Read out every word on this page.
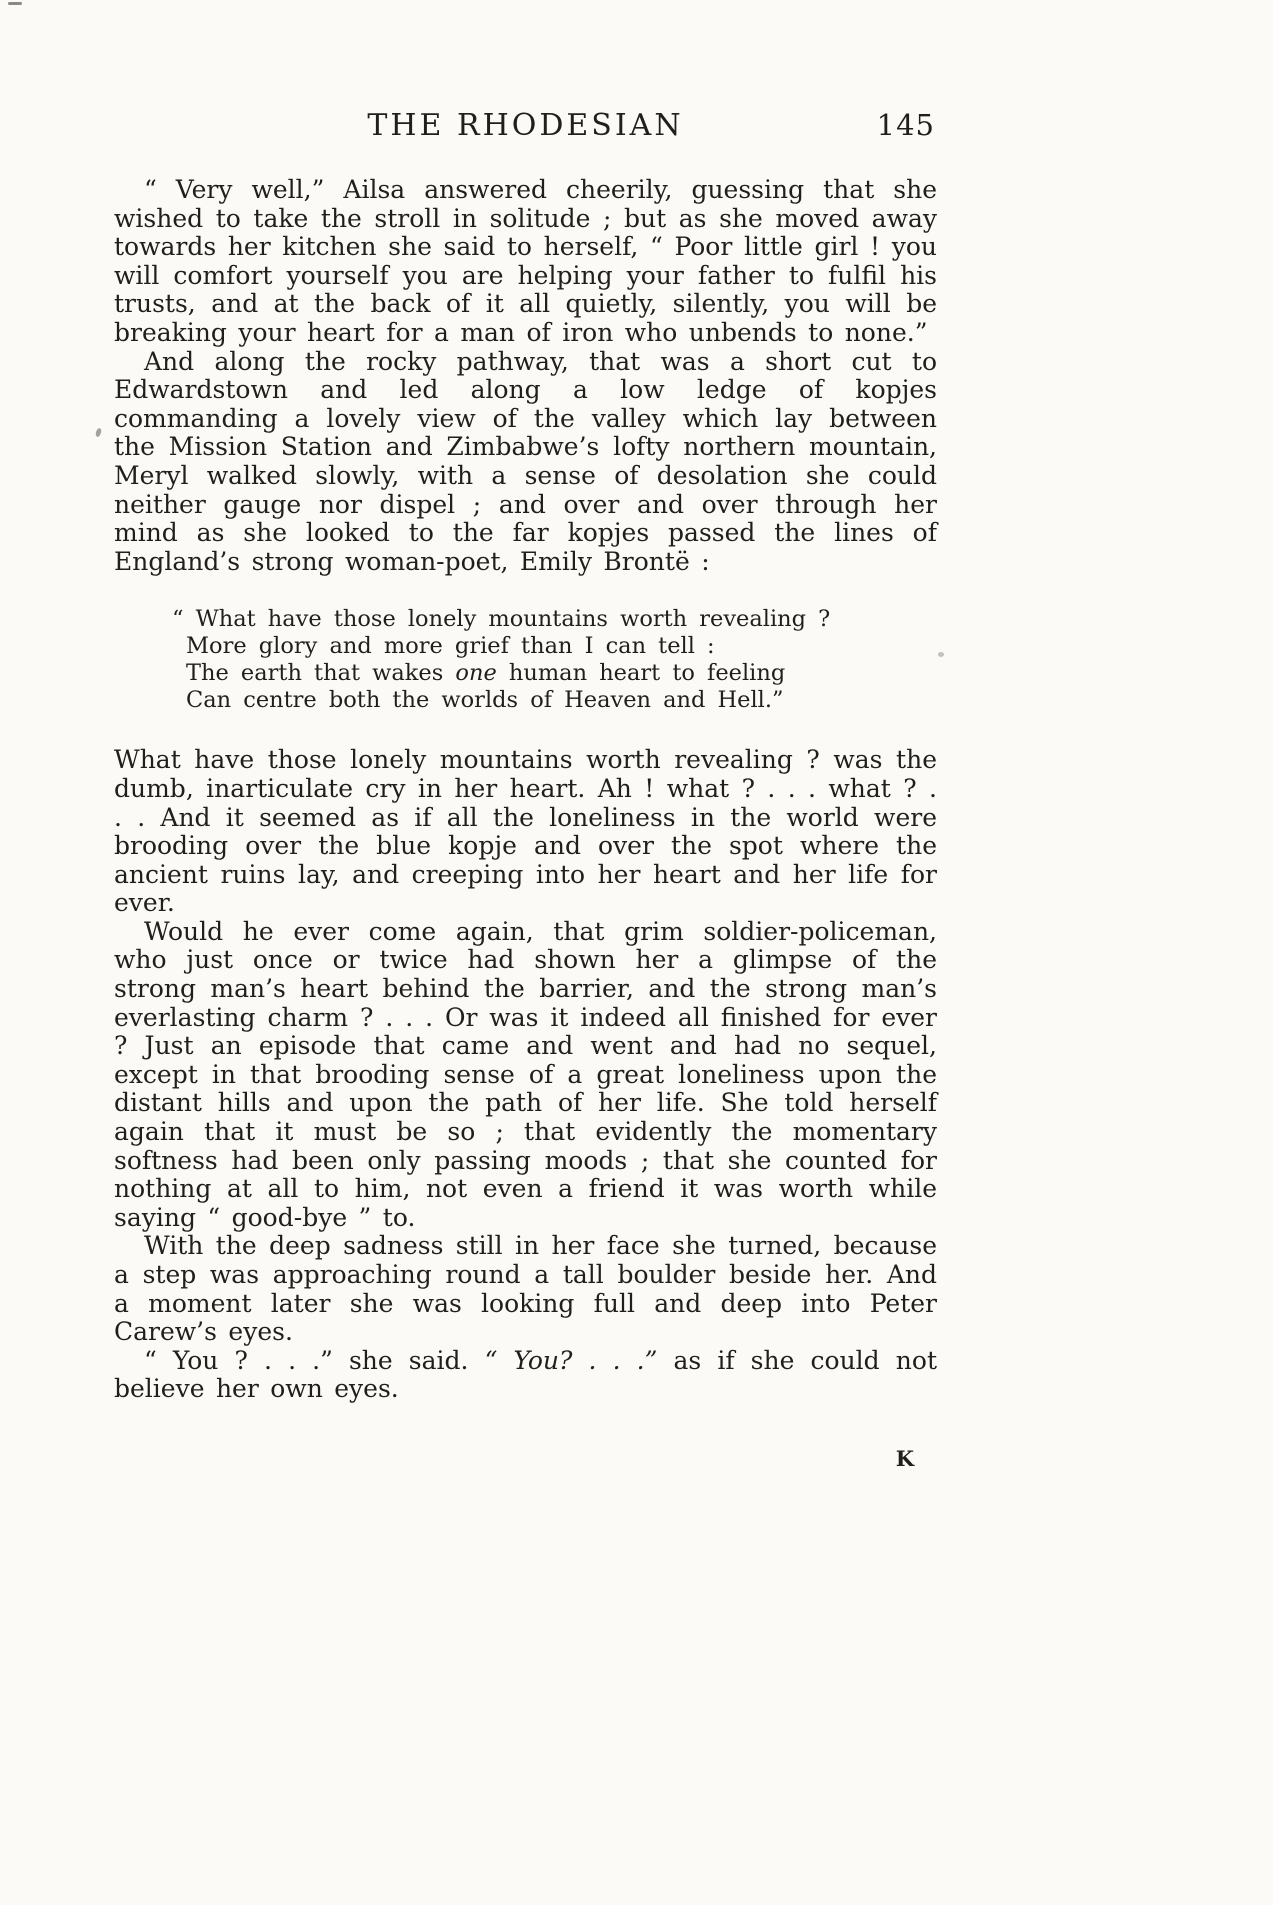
THE RHODESIAN	145

“ Very well,” Ailsa answered cheerily, guessing that she wished to take the stroll in solitude ; but as she moved away towards her kitchen she said to herself, “ Poor little girl ! you will comfort yourself you are helping your father to fulfil his trusts, and at the back of it all quietly, silently, you will be breaking your heart for a man of iron who unbends to none.”

And along the rocky pathway, that was a short cut to Edwardstown and led along a low ledge of kopjes commanding a lovely view of the valley which lay between the Mission Station and Zimbabwe’s lofty northern mountain, Meryl walked slowly, with a sense of desolation she could neither gauge nor dispel ; and over and over through her mind as she looked to the far kopjes passed the lines of England’s strong woman-poet, Emily Brontë :

“ What have those lonely mountains worth revealing ?
More glory and more grief than I can tell :
The earth that wakes one human heart to feeling
Can centre both the worlds of Heaven and Hell.”

What have those lonely mountains worth revealing ? was the dumb, inarticulate cry in her heart. Ah ! what ? . . . what ? . . . And it seemed as if all the loneliness in the world were brooding over the blue kopje and over the spot where the ancient ruins lay, and creeping into her heart and her life for ever.

Would he ever come again, that grim soldier-policeman, who just once or twice had shown her a glimpse of the strong man’s heart behind the barrier, and the strong man’s everlasting charm ? . . . Or was it indeed all finished for ever ? Just an episode that came and went and had no sequel, except in that brooding sense of a great loneliness upon the distant hills and upon the path of her life. She told herself again that it must be so ; that evidently the momentary softness had been only passing moods ; that she counted for nothing at all to him, not even a friend it was worth while saying “ good-bye ” to.

With the deep sadness still in her face she turned, because a step was approaching round a tall boulder beside her. And a moment later she was looking full and deep into Peter Carew’s eyes.

“ You ? . . .” she said. “ You? . . .” as if she could not believe her own eyes.

K
